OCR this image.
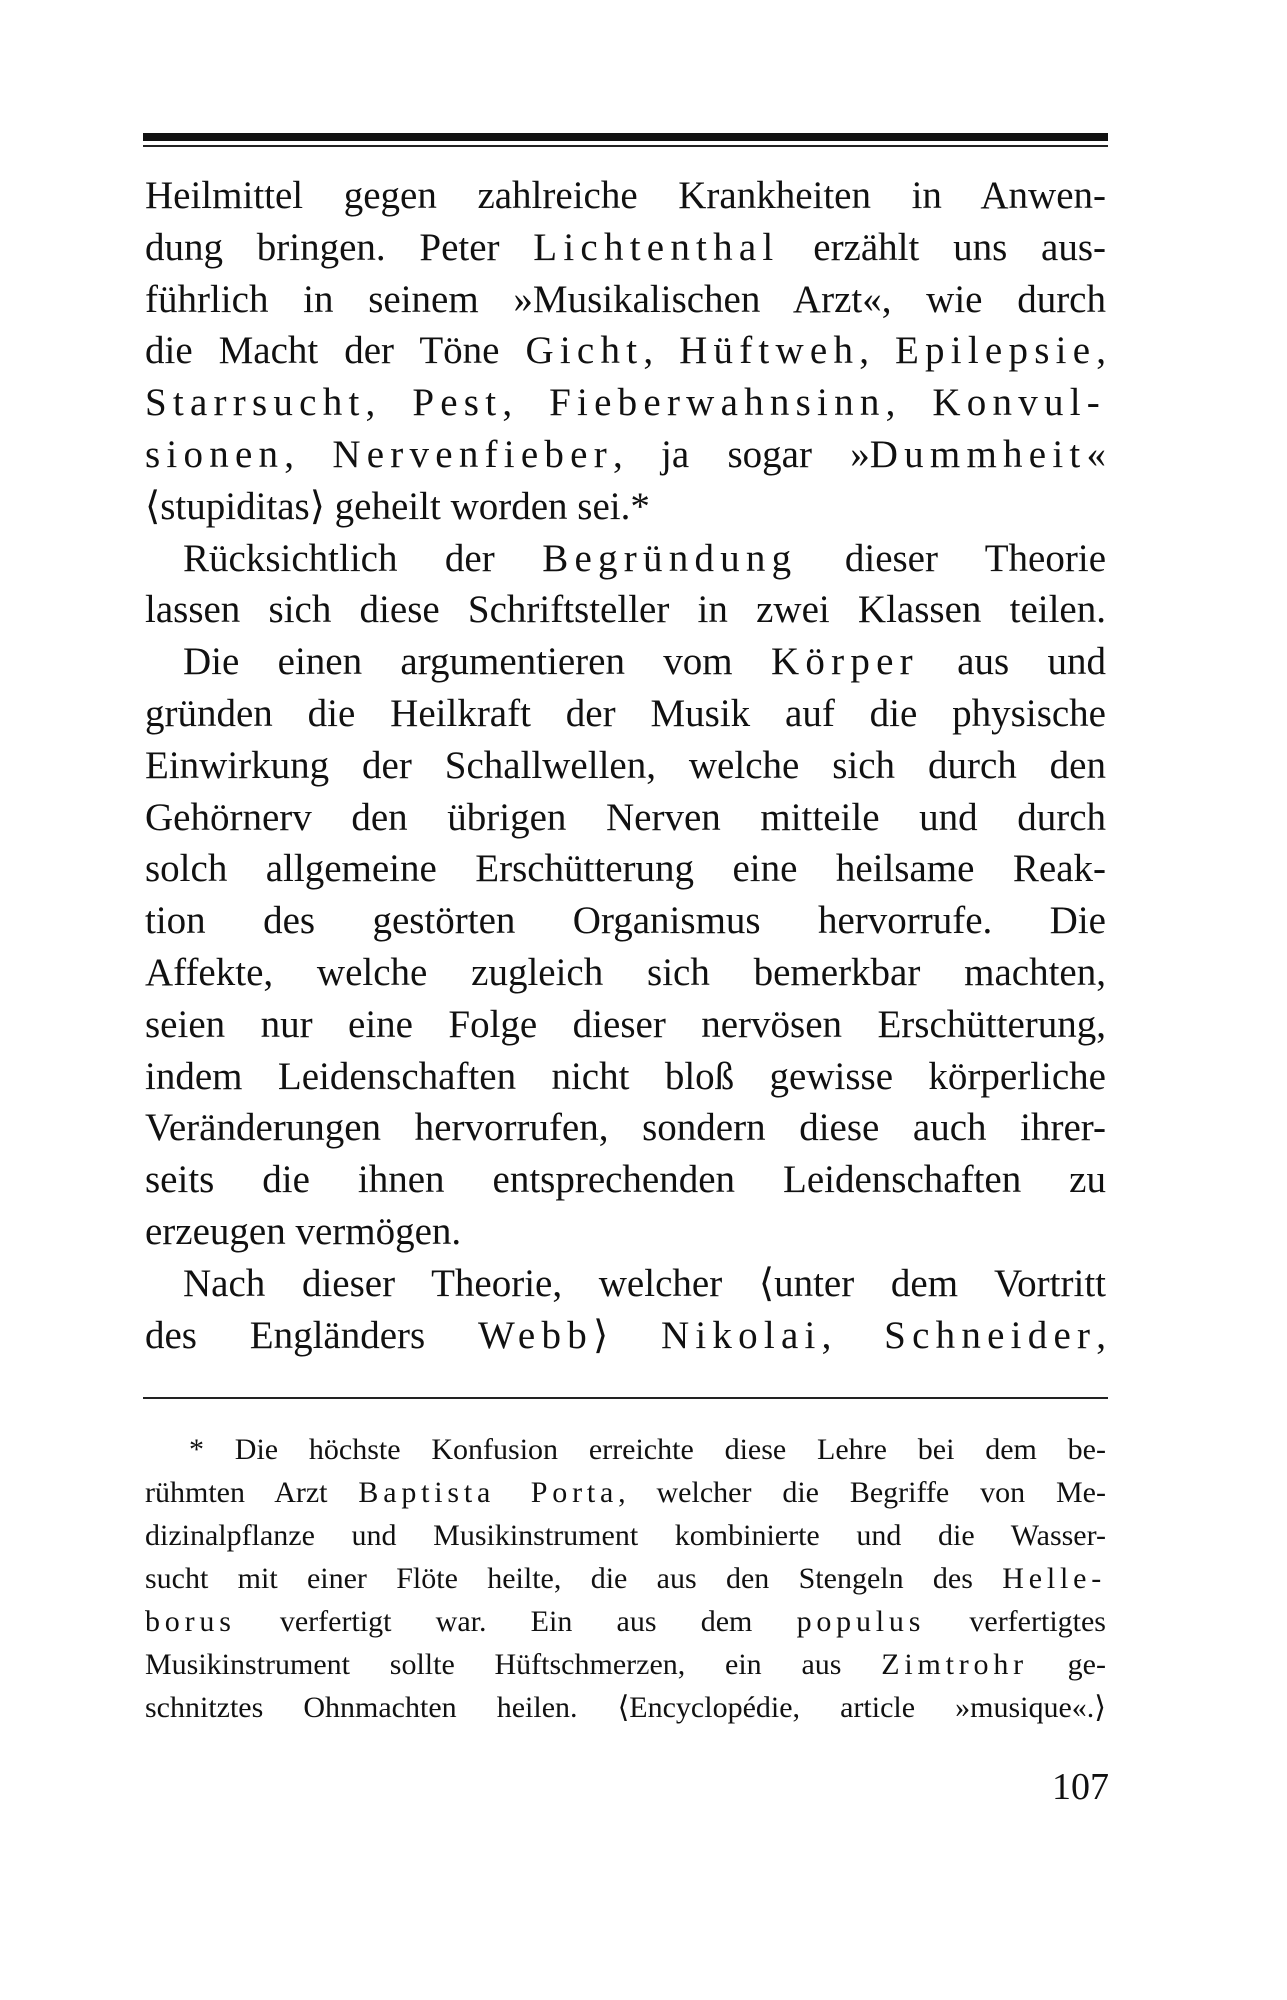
Heilmittel gegen zahlreiche Krankheiten in Anwen-
dung bringen. Peter Lichtenthal erzählt uns aus-
führlich in seinem »Musikalischen Arzt«, wie durch
die Macht der Töne Gicht, Hüftweh, Epilepsie,
Starrsucht, Pest, Fieberwahnsinn, Konvul-
sionen, Nervenfieber, ja sogar »Dummheit«
⟨stupiditas⟩ geheilt worden sei.*
Rücksichtlich der Begründung dieser Theorie
lassen sich diese Schriftsteller in zwei Klassen teilen.
Die einen argumentieren vom Körper aus und
gründen die Heilkraft der Musik auf die physische
Einwirkung der Schallwellen, welche sich durch den
Gehörnerv den übrigen Nerven mitteile und durch
solch allgemeine Erschütterung eine heilsame Reak-
tion des gestörten Organismus hervorrufe. Die
Affekte, welche zugleich sich bemerkbar machten,
seien nur eine Folge dieser nervösen Erschütterung,
indem Leidenschaften nicht bloß gewisse körperliche
Veränderungen hervorrufen, sondern diese auch ihrer-
seits die ihnen entsprechenden Leidenschaften zu
erzeugen vermögen.
Nach dieser Theorie, welcher ⟨unter dem Vortritt
des Engländers Webb⟩ Nikolai, Schneider,
* Die höchste Konfusion erreichte diese Lehre bei dem be-
rühmten Arzt Baptista Porta, welcher die Begriffe von Me-
dizinalpflanze und Musikinstrument kombinierte und die Wasser-
sucht mit einer Flöte heilte, die aus den Stengeln des Helle-
borus verfertigt war. Ein aus dem populus verfertigtes
Musikinstrument sollte Hüftschmerzen, ein aus Zimtrohr ge-
schnitztes Ohnmachten heilen. ⟨Encyclopédie, article »musique«.⟩
107
